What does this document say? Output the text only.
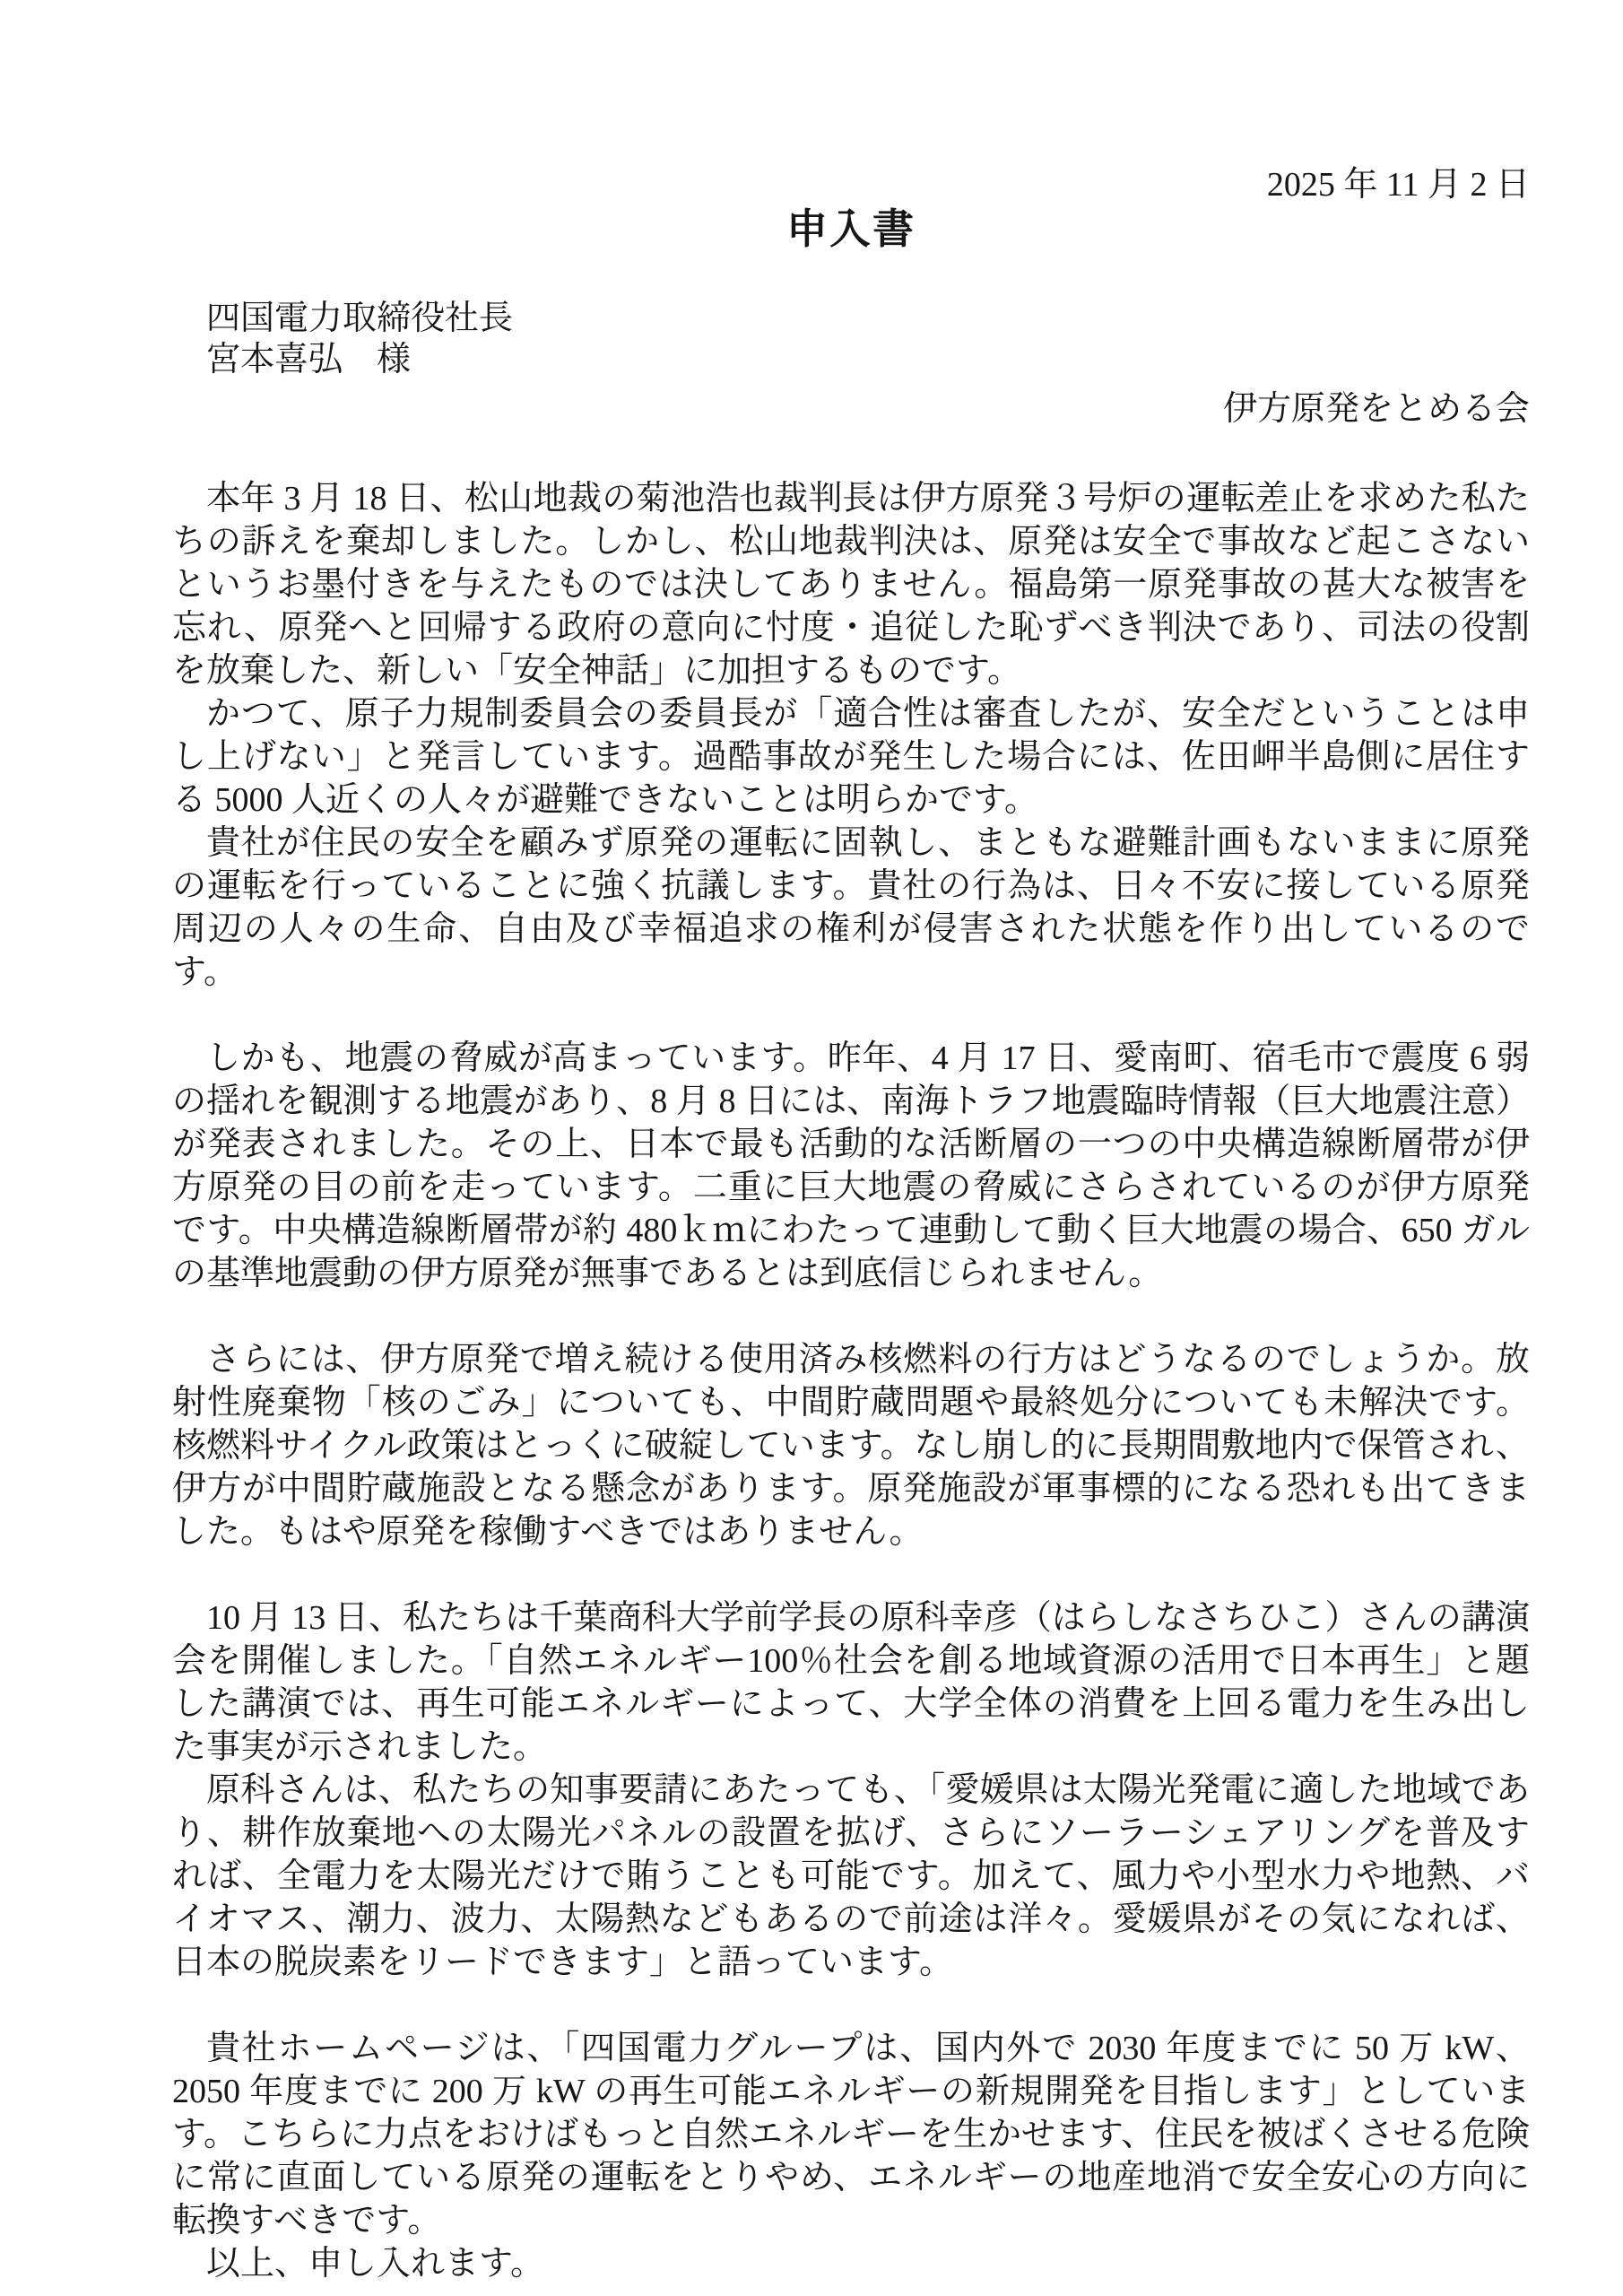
2025 年 11 月 2 日
申入書
四国電力取締役社長
宮本喜弘　様
伊方原発をとめる会

本年 3 月 18 日、松山地裁の菊池浩也裁判長は伊方原発３号炉の運転差止を求めた私たちの訴えを棄却しました。しかし、松山地裁判決は、原発は安全で事故など起こさないというお墨付きを与えたものでは決してありません。福島第一原発事故の甚大な被害を忘れ、原発へと回帰する政府の意向に忖度・追従した恥ずべき判決であり、司法の役割を放棄した、新しい「安全神話」に加担するものです。

かつて、原子力規制委員会の委員長が「適合性は審査したが、安全だということは申し上げない」と発言しています。過酷事故が発生した場合には、佐田岬半島側に居住する 5000 人近くの人々が避難できないことは明らかです。

貴社が住民の安全を顧みず原発の運転に固執し、まともな避難計画もないままに原発の運転を行っていることに強く抗議します。貴社の行為は、日々不安に接している原発周辺の人々の生命、自由及び幸福追求の権利が侵害された状態を作り出しているのです。

しかも、地震の脅威が高まっています。昨年、4 月 17 日、愛南町、宿毛市で震度 6 弱の揺れを観測する地震があり、8 月 8 日には、南海トラフ地震臨時情報（巨大地震注意）が発表されました。その上、日本で最も活動的な活断層の一つの中央構造線断層帯が伊方原発の目の前を走っています。二重に巨大地震の脅威にさらされているのが伊方原発です。中央構造線断層帯が約 480ｋｍにわたって連動して動く巨大地震の場合、650 ガルの基準地震動の伊方原発が無事であるとは到底信じられません。

さらには、伊方原発で増え続ける使用済み核燃料の行方はどうなるのでしょうか。放射性廃棄物「核のごみ」についても、中間貯蔵問題や最終処分についても未解決です。核燃料サイクル政策はとっくに破綻しています。なし崩し的に長期間敷地内で保管され、伊方が中間貯蔵施設となる懸念があります。原発施設が軍事標的になる恐れも出てきました。もはや原発を稼働すべきではありません。

10 月 13 日、私たちは千葉商科大学前学長の原科幸彦（はらしなさちひこ）さんの講演会を開催しました。「自然エネルギー100％社会を創る地域資源の活用で日本再生」と題した講演では、再生可能エネルギーによって、大学全体の消費を上回る電力を生み出した事実が示されました。

原科さんは、私たちの知事要請にあたっても、「愛媛県は太陽光発電に適した地域であり、耕作放棄地への太陽光パネルの設置を拡げ、さらにソーラーシェアリングを普及すれば、全電力を太陽光だけで賄うことも可能です。加えて、風力や小型水力や地熱、バイオマス、潮力、波力、太陽熱などもあるので前途は洋々。愛媛県がその気になれば、日本の脱炭素をリードできます」と語っています。

貴社ホームページは、「四国電力グループは、国内外で 2030 年度までに 50 万 kW、2050 年度までに 200 万 kW の再生可能エネルギーの新規開発を目指します」としています。こちらに力点をおけばもっと自然エネルギーを生かせます、住民を被ばくさせる危険に常に直面している原発の運転をとりやめ、エネルギーの地産地消で安全安心の方向に転換すべきです。

以上、申し入れます。
